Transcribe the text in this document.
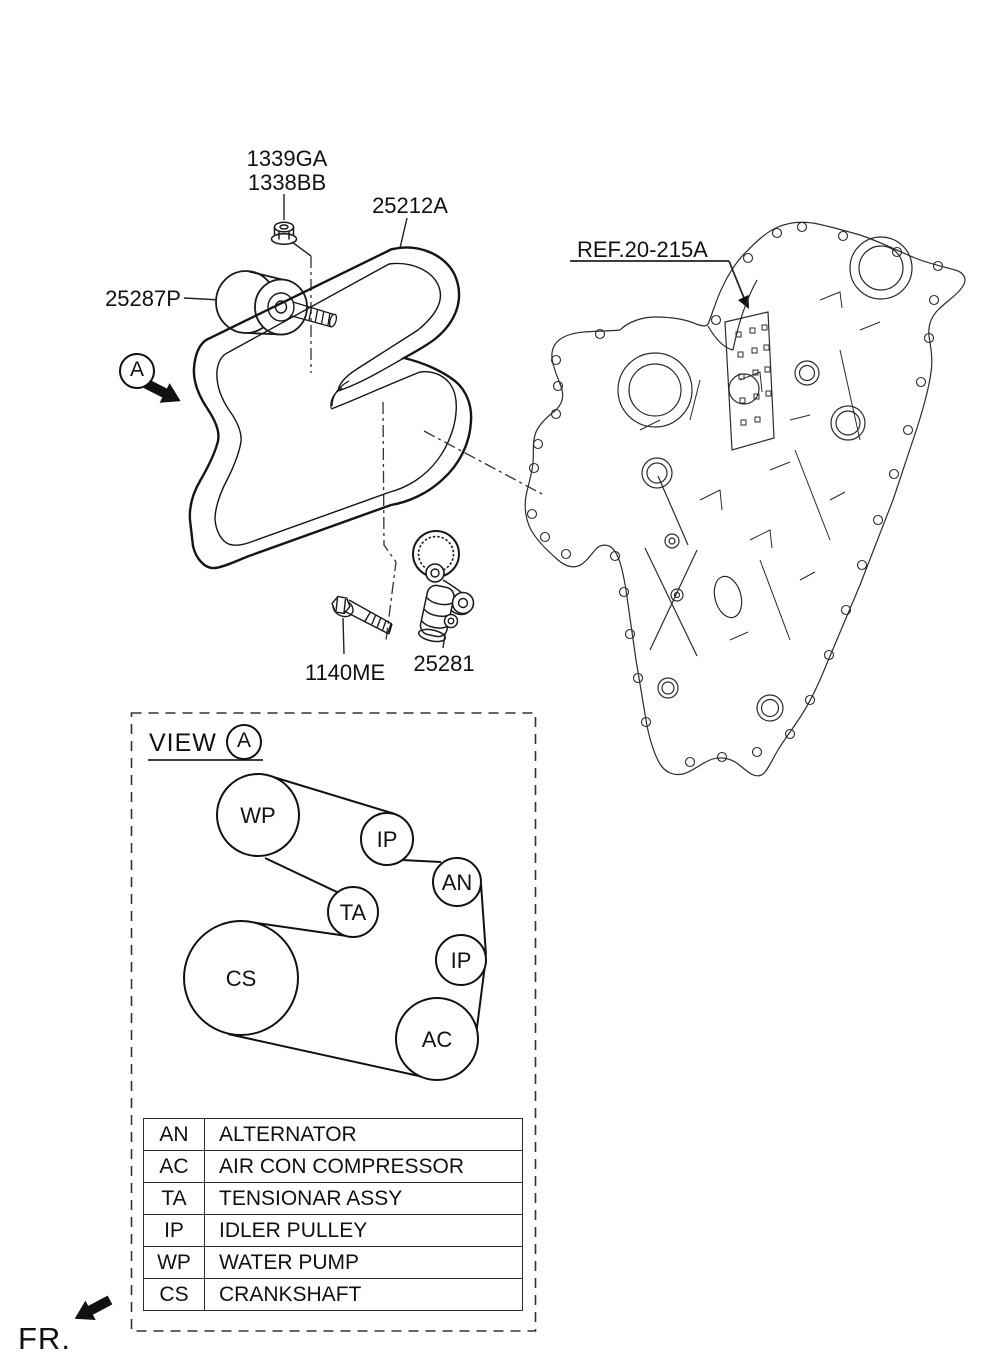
1339GA
1338BB
25212A
25287P
REF.20-215A
1140ME 25281
A
VIEW A
WP
IP
AN
TA
CS
IP
AC
AN	ALTERNATOR
AC	AIR CON COMPRESSOR
TA	TENSIONAR ASSY
IP	IDLER PULLEY
WP	WATER PUMP
CS	CRANKSHAFT
FR.
